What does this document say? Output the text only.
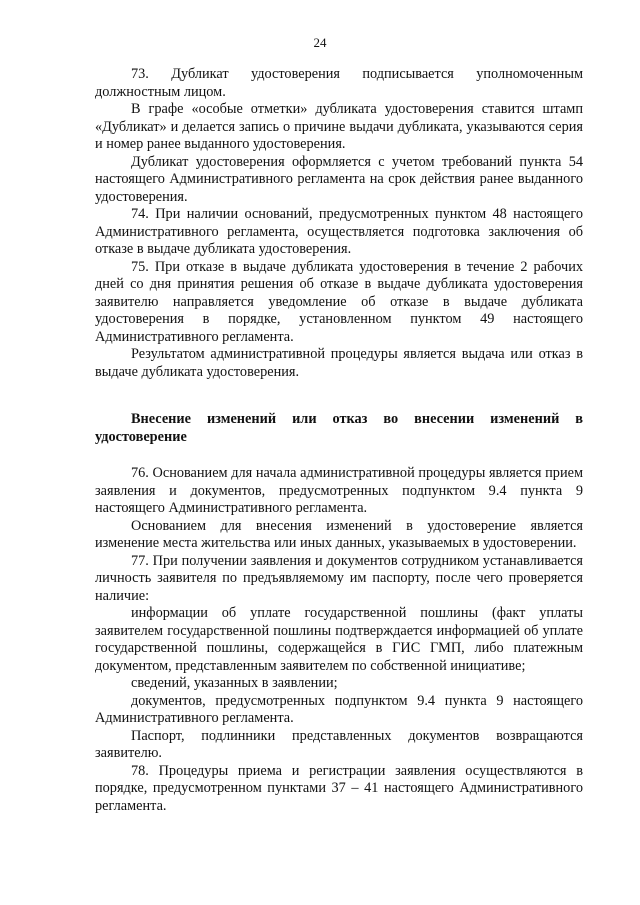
24

73. Дубликат удостоверения подписывается уполномоченным должностным лицом.

В графе «особые отметки» дубликата удостоверения ставится штамп «Дубликат» и делается запись о причине выдачи дубликата, указываются серия и номер ранее выданного удостоверения.

Дубликат удостоверения оформляется с учетом требований пункта 54 настоящего Административного регламента на срок действия ранее выданного удостоверения.

74. При наличии оснований, предусмотренных пунктом 48 настоящего Административного регламента, осуществляется подготовка заключения об отказе в выдаче дубликата удостоверения.

75. При отказе в выдаче дубликата удостоверения в течение 2 рабочих дней со дня принятия решения об отказе в выдаче дубликата удостоверения заявителю направляется уведомление об отказе в выдаче дубликата удостоверения в порядке, установленном пунктом 49 настоящего Административного регламента.

Результатом административной процедуры является выдача или отказ в выдаче дубликата удостоверения.

Внесение изменений или отказ во внесении изменений в удостоверение

76. Основанием для начала административной процедуры является прием заявления и документов, предусмотренных подпунктом 9.4 пункта 9 настоящего Административного регламента.

Основанием для внесения изменений в удостоверение является изменение места жительства или иных данных, указываемых в удостоверении.

77. При получении заявления и документов сотрудником устанавливается личность заявителя по предъявляемому им паспорту, после чего проверяется наличие:

информации об уплате государственной пошлины (факт уплаты заявителем государственной пошлины подтверждается информацией об уплате государственной пошлины, содержащейся в ГИС ГМП, либо платежным документом, представленным заявителем по собственной инициативе;

сведений, указанных в заявлении;

документов, предусмотренных подпунктом 9.4 пункта 9 настоящего Административного регламента.

Паспорт, подлинники представленных документов возвращаются заявителю.

78. Процедуры приема и регистрации заявления осуществляются в порядке, предусмотренном пунктами 37 – 41 настоящего Административного регламента.
